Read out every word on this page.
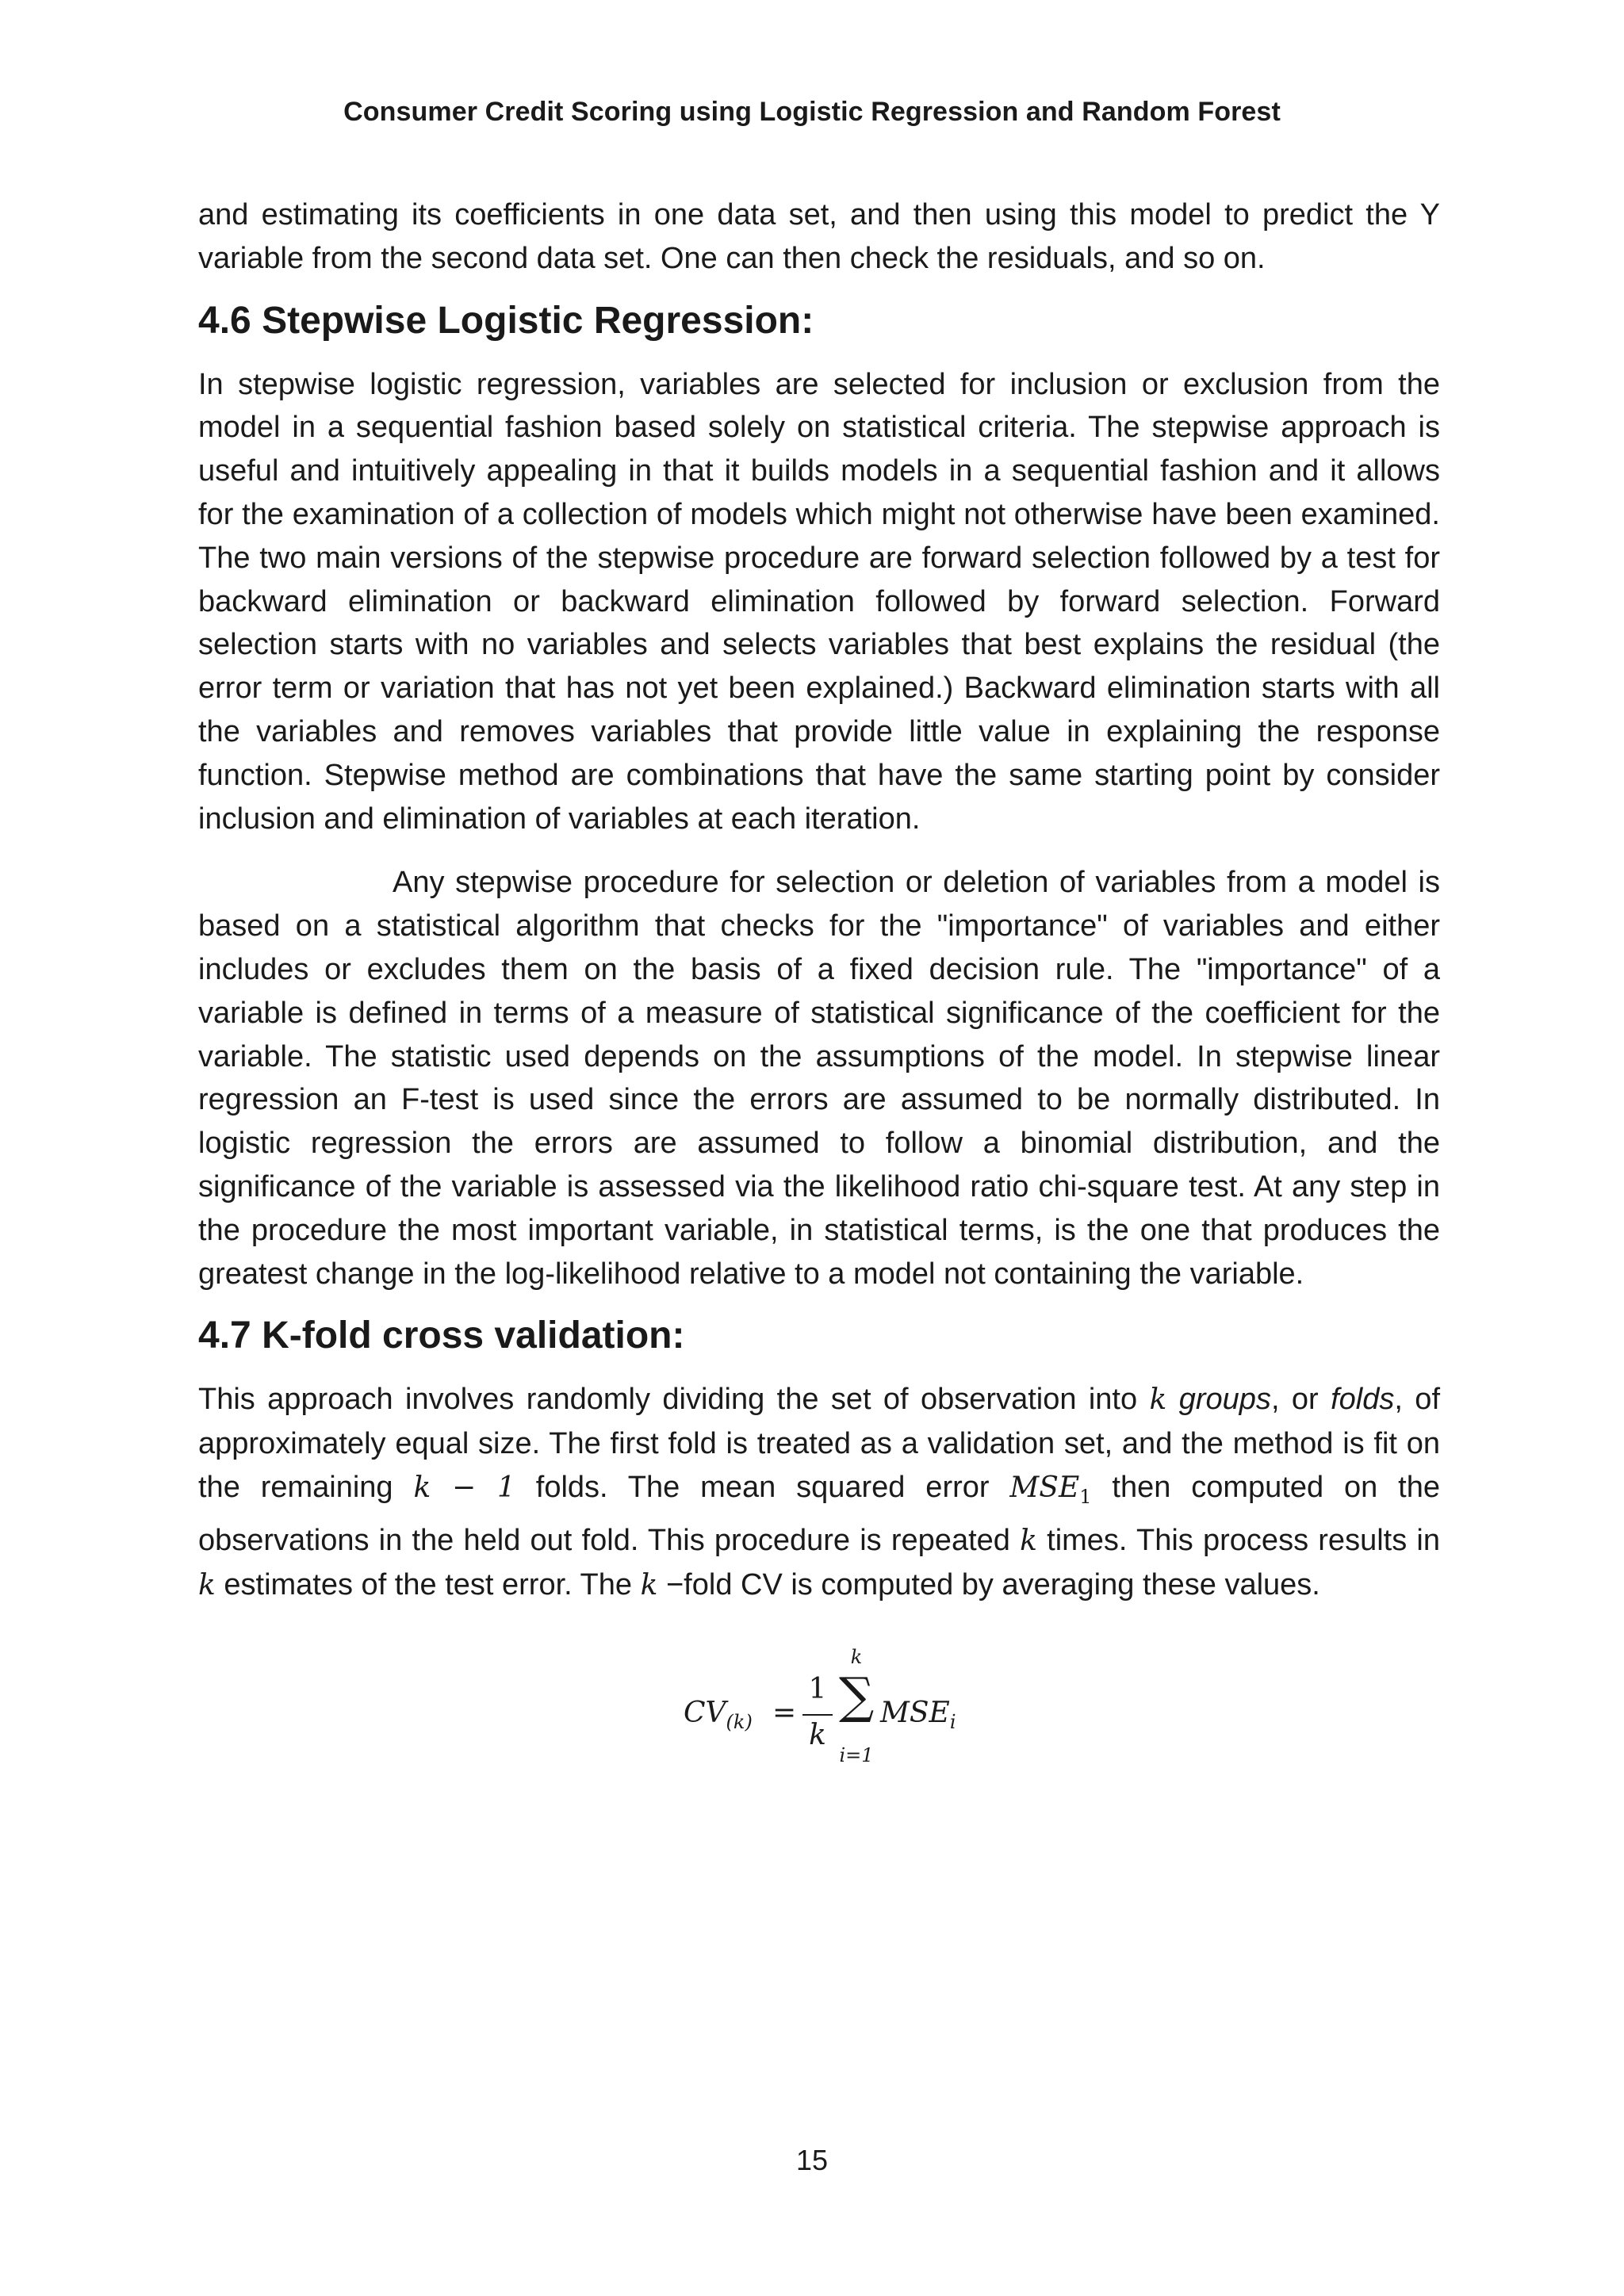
Consumer Credit Scoring using Logistic Regression and Random Forest

and estimating its coefficients in one data set, and then using this model to predict the Y variable from the second data set. One can then check the residuals, and so on.

4.6 Stepwise Logistic Regression:

In stepwise logistic regression, variables are selected for inclusion or exclusion from the model in a sequential fashion based solely on statistical criteria. The stepwise approach is useful and intuitively appealing in that it builds models in a sequential fashion and it allows for the examination of a collection of models which might not otherwise have been examined. The two main versions of the stepwise procedure are forward selection followed by a test for backward elimination or backward elimination followed by forward selection. Forward selection starts with no variables and selects variables that best explains the residual (the error term or variation that has not yet been explained.) Backward elimination starts with all the variables and removes variables that provide little value in explaining the response function. Stepwise method are combinations that have the same starting point by consider inclusion and elimination of variables at each iteration.

Any stepwise procedure for selection or deletion of variables from a model is based on a statistical algorithm that checks for the "importance" of variables and either includes or excludes them on the basis of a fixed decision rule. The "importance" of a variable is defined in terms of a measure of statistical significance of the coefficient for the variable. The statistic used depends on the assumptions of the model. In stepwise linear regression an F-test is used since the errors are assumed to be normally distributed. In logistic regression the errors are assumed to follow a binomial distribution, and the significance of the variable is assessed via the likelihood ratio chi-square test. At any step in the procedure the most important variable, in statistical terms, is the one that produces the greatest change in the log-likelihood relative to a model not containing the variable.

4.7 K-fold cross validation:

This approach involves randomly dividing the set of observation into k groups, or folds, of approximately equal size. The first fold is treated as a validation set, and the method is fit on the remaining k − 1 folds. The mean squared error $MSE_1$ then computed on the observations in the held out fold. This procedure is repeated k times. This process results in k estimates of the test error. The k −fold CV is computed by averaging these values.

$CV_{(k)}$ =
1
k
k
∑
i=1
$MSE_i$
15
